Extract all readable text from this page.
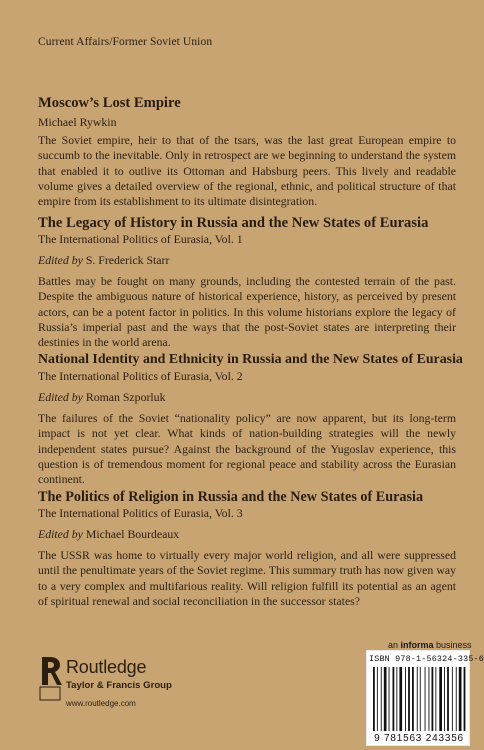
Current Affairs/Former Soviet Union

Moscow’s Lost Empire

Michael Rywkin

The Soviet empire, heir to that of the tsars, was the last great European empire to succumb to the inevitable. Only in retrospect are we beginning to understand the system that enabled it to outlive its Ottoman and Habsburg peers. This lively and readable volume gives a detailed overview of the regional, ethnic, and political structure of that empire from its establishment to its ultimate disintegration.

The Legacy of History in Russia and the New States of Eurasia

The International Politics of Eurasia, Vol. 1

Edited by S. Frederick Starr

Battles may be fought on many grounds, including the contested terrain of the past. Despite the ambiguous nature of historical experience, history, as perceived by present actors, can be a potent factor in politics. In this volume historians explore the legacy of Russia’s imperial past and the ways that the post-Soviet states are interpreting their destinies in the world arena.

National Identity and Ethnicity in Russia and the New States of Eurasia

The International Politics of Eurasia, Vol. 2

Edited by Roman Szporluk

The failures of the Soviet “nationality policy” are now apparent, but its long-term impact is not yet clear. What kinds of nation-building strategies will the newly independent states pursue? Against the background of the Yugoslav experience, this question is of tremendous moment for regional peace and stability across the Eurasian continent.

The Politics of Religion in Russia and the New States of Eurasia

The International Politics of Eurasia, Vol. 3

Edited by Michael Bourdeaux

The USSR was home to virtually every major world religion, and all were suppressed until the penultimate years of the Soviet regime. This summary truth has now given way to a very complex and multifarious reality. Will religion fulfill its potential as an agent of spiritual renewal and social reconciliation in the successor states?

an informa business
ISBN 978-1-56324-335-6
9 781563 243356
Routledge
Taylor & Francis Group
www.routledge.com
